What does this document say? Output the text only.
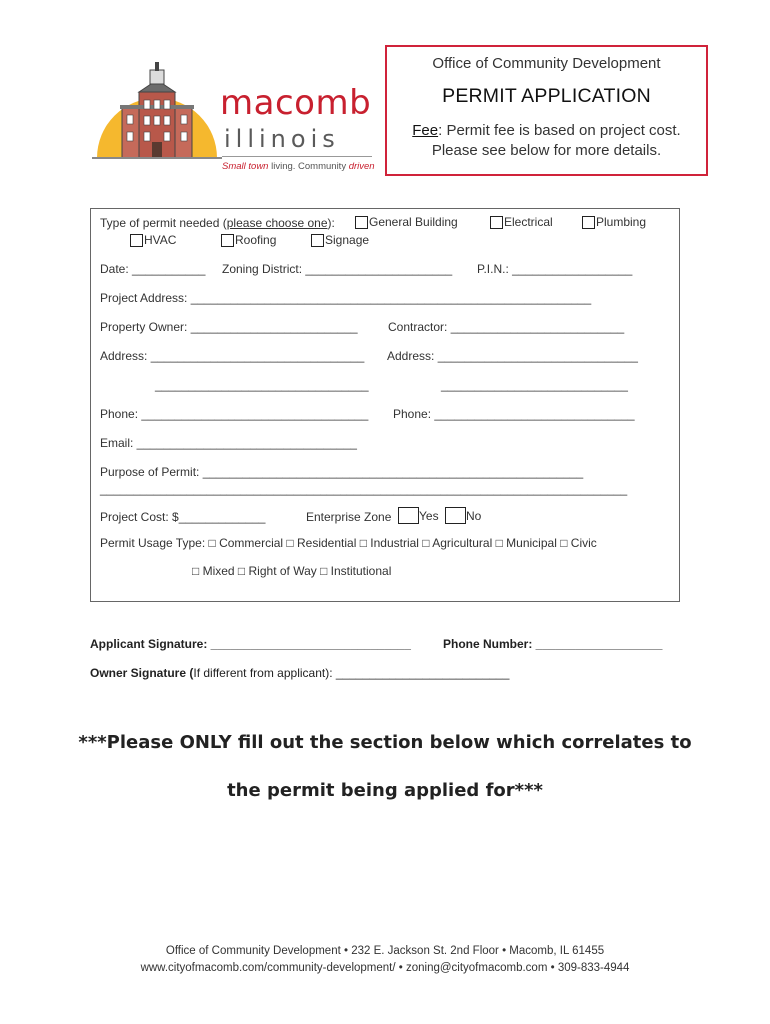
macomb
illinois
Small town living. Community driven
Office of Community Development
PERMIT APPLICATION
Fee: Permit fee is based on project cost.
Please see below for more details.
Type of permit needed (please choose one):	General Building	Electrical	Plumbing
HVAC	Roofing	Signage
Date: ___________ Zoning District: ______________________ P.I.N.: __________________
Project Address: ____________________________________________________________
Property Owner: _________________________	Contractor: __________________________
Address: ________________________________ Address: ______________________________
________________________________	____________________________
Phone: __________________________________ Phone: ______________________________
Email: _________________________________
Purpose of Permit: _________________________________________________________
_______________________________________________________________________________
Project Cost: $_____________	Enterprise Zone	Yes	No
Permit Usage Type: □ Commercial □ Residential □ Industrial □ Agricultural □ Municipal □ Civic
□ Mixed □ Right of Way □ Institutional
Applicant Signature: ______________________________	Phone Number: ___________________
Owner Signature (If different from applicant): __________________________
***Please ONLY fill out the section below which correlates to
the permit being applied for***
Office of Community Development • 232 E. Jackson St. 2nd Floor • Macomb, IL 61455
www.cityofmacomb.com/community-development/ • zoning@cityofmacomb.com • 309-833-4944
